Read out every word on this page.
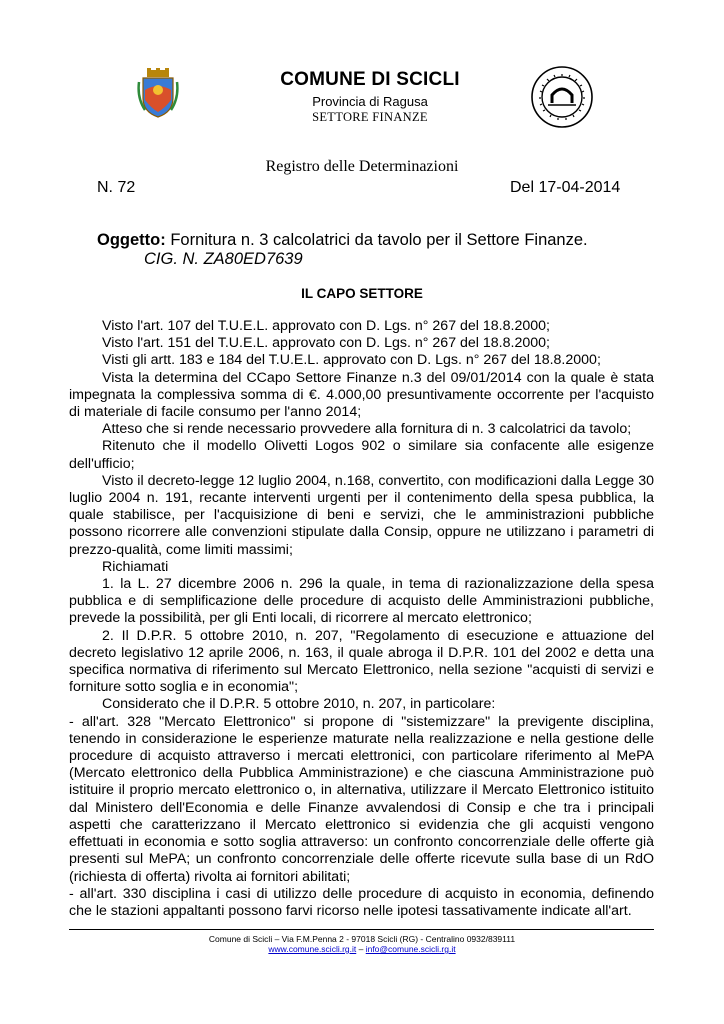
COMUNE DI SCICLI
Provincia di Ragusa
SETTORE FINANZE
Registro delle Determinazioni
N. 72	Del 17-04-2014
Oggetto: Fornitura n. 3 calcolatrici da tavolo per il Settore Finanze.
CIG. N. ZA80ED7639
IL CAPO SETTORE

Visto l'art. 107 del T.U.E.L. approvato con D. Lgs. n° 267 del 18.8.2000;

Visto l'art. 151 del T.U.E.L. approvato con D. Lgs. n° 267 del 18.8.2000;

Visti gli artt. 183 e 184 del T.U.E.L. approvato con D. Lgs. n° 267 del 18.8.2000;

Vista la determina del CCapo Settore Finanze n.3 del 09/01/2014 con la quale è stata impegnata la complessiva somma di €. 4.000,00 presuntivamente occorrente per l'acquisto di materiale di facile consumo per l'anno 2014;

Atteso che si rende necessario provvedere alla fornitura di n. 3 calcolatrici da tavolo;

Ritenuto che il modello Olivetti Logos 902 o similare sia confacente alle esigenze dell'ufficio;

Visto il decreto-legge 12 luglio 2004, n.168, convertito, con modificazioni dalla Legge 30 luglio 2004 n. 191, recante interventi urgenti per il contenimento della spesa pubblica, la quale stabilisce, per l'acquisizione di beni e servizi, che le amministrazioni pubbliche possono ricorrere alle convenzioni stipulate dalla Consip, oppure ne utilizzano i parametri di prezzo-qualità, come limiti massimi;

Richiamati

1. la L. 27 dicembre 2006 n. 296 la quale, in tema di razionalizzazione della spesa pubblica e di semplificazione delle procedure di acquisto delle Amministrazioni pubbliche, prevede la possibilità, per gli Enti locali, di ricorrere al mercato elettronico;

2. Il D.P.R. 5 ottobre 2010, n. 207, "Regolamento di esecuzione e attuazione del decreto legislativo 12 aprile 2006, n. 163, il quale abroga il D.P.R. 101 del 2002 e detta una specifica normativa di riferimento sul Mercato Elettronico, nella sezione "acquisti di servizi e forniture sotto soglia e in economia";

Considerato che il D.P.R. 5 ottobre 2010, n. 207, in particolare:

- all'art. 328 "Mercato Elettronico" si propone di "sistemizzare" la previgente disciplina, tenendo in considerazione le esperienze maturate nella realizzazione e nella gestione delle procedure di acquisto attraverso i mercati elettronici, con particolare riferimento al MePA (Mercato elettronico della Pubblica Amministrazione) e che ciascuna Amministrazione può istituire il proprio mercato elettronico o, in alternativa, utilizzare il Mercato Elettronico istituito dal Ministero dell'Economia e delle Finanze avvalendosi di Consip e che tra i principali aspetti che caratterizzano il Mercato elettronico si evidenzia che gli acquisti vengono effettuati in economia e sotto soglia attraverso: un confronto concorrenziale delle offerte già presenti sul MePA; un confronto concorrenziale delle offerte ricevute sulla base di un RdO (richiesta di offerta) rivolta ai fornitori abilitati;

- all'art. 330 disciplina i casi di utilizzo delle procedure di acquisto in economia, definendo che le stazioni appaltanti possono farvi ricorso nelle ipotesi tassativamente indicate all'art.

Comune di Scicli – Via F.M.Penna 2 - 97018 Scicli (RG) - Centralino 0932/839111
www.comune.scicli.rg.it – info@comune.scicli.rg.it
